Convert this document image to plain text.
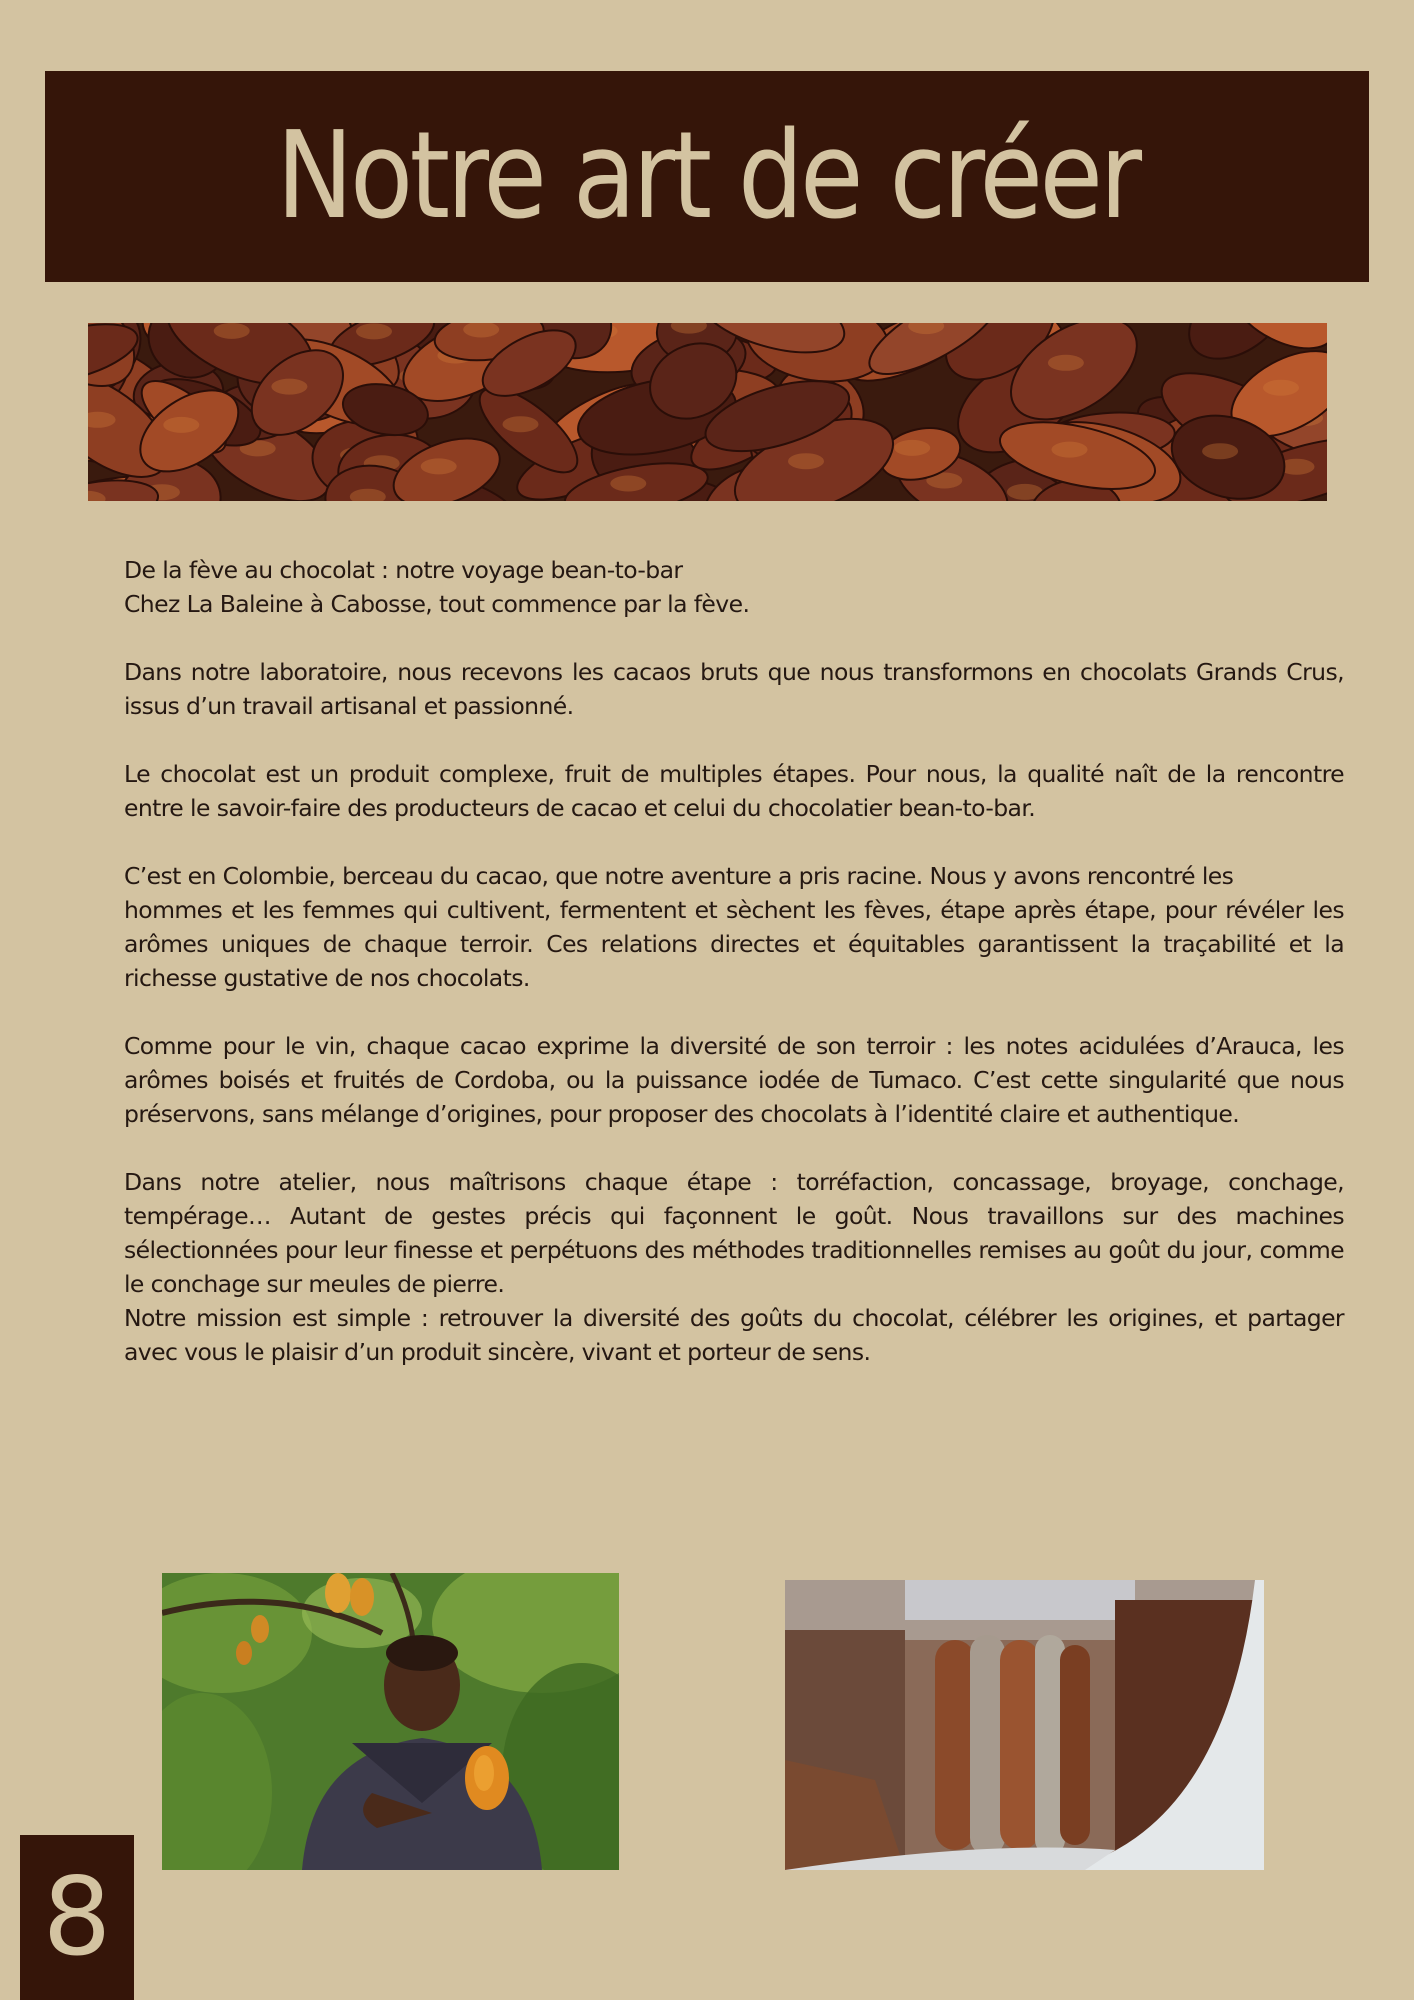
Notre art de créer

De la fève au chocolat : notre voyage bean-to-bar

Chez La Baleine à Cabosse, tout commence par la fève.

Dans notre laboratoire, nous recevons les cacaos bruts que nous transformons en chocolats Grands Crus, issus d’un travail artisanal et passionné.

Le chocolat est un produit complexe, fruit de multiples étapes. Pour nous, la qualité naît de la rencontre entre le savoir-faire des producteurs de cacao et celui du chocolatier bean-to-bar.

C’est en Colombie, berceau du cacao, que notre aventure a pris racine. Nous y avons rencontré les

hommes et les femmes qui cultivent, fermentent et sèchent les fèves, étape après étape, pour révéler les arômes uniques de chaque terroir. Ces relations directes et équitables garantissent la traçabilité et la richesse gustative de nos chocolats.

Comme pour le vin, chaque cacao exprime la diversité de son terroir : les notes acidulées d’Arauca, les arômes boisés et fruités de Cordoba, ou la puissance iodée de Tumaco. C’est cette singularité que nous préservons, sans mélange d’origines, pour proposer des chocolats à l’identité claire et authentique.

Dans notre atelier, nous maîtrisons chaque étape : torréfaction, concassage, broyage, conchage, tempérage… Autant de gestes précis qui façonnent le goût. Nous travaillons sur des machines sélectionnées pour leur finesse et perpétuons des méthodes traditionnelles remises au goût du jour, comme le conchage sur meules de pierre.

Notre mission est simple : retrouver la diversité des goûts du chocolat, célébrer les origines, et partager avec vous le plaisir d’un produit sincère, vivant et porteur de sens.

8
